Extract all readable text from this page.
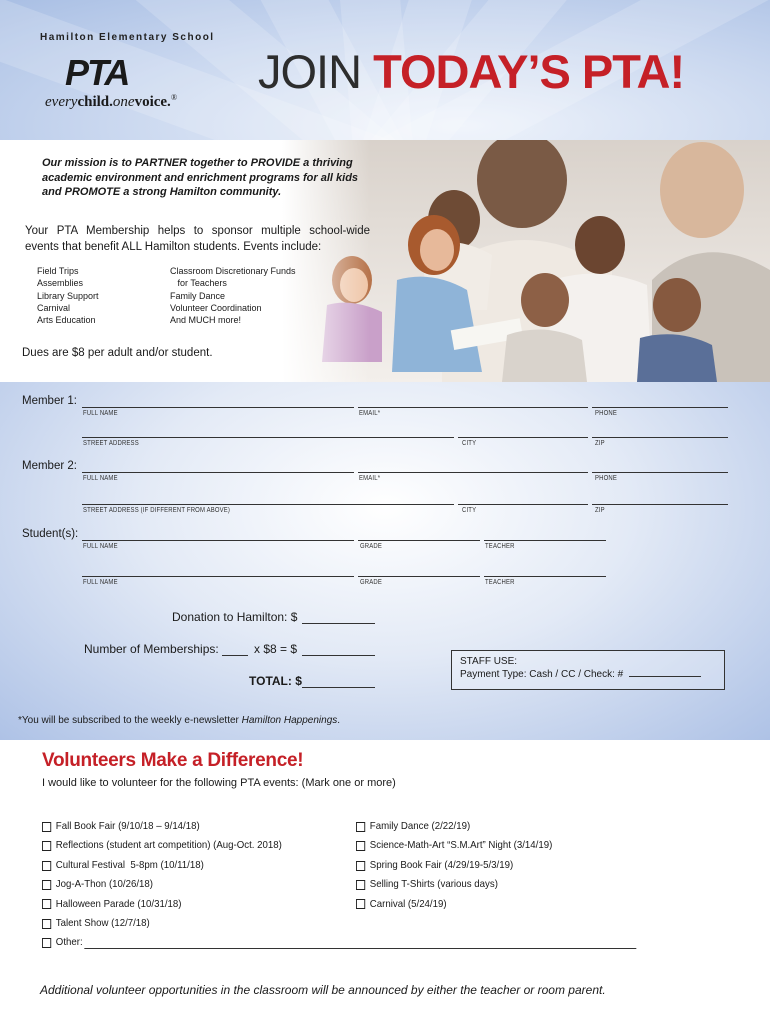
Hamilton Elementary School
PTA
everychild.onevoice.® JOIN TODAY’S PTA!
Our mission is to PARTNER together to PROVIDE a thriving academic environment and enrichment programs for all kids and PROMOTE a strong Hamilton community.
Your PTA Membership helps to sponsor multiple school-wide events that benefit ALL Hamilton students. Events include:
Field Trips
Assemblies
Library Support
Carnival
Arts Education
Classroom Discretionary Funds
for Teachers
Family Dance
Volunteer Coordination
And MUCH more!
Dues are $8 per adult and/or student.
Member 1:
FULL NAME	EMAIL*	PHONE
STREET ADDRESS	CITY	ZIP
Member 2:
FULL NAME	EMAIL*	PHONE
STREET ADDRESS (IF DIFFERENT FROM ABOVE)	CITY	ZIP
Student(s):
FULL NAME	GRADE	TEACHER
FULL NAME	GRADE	TEACHER
Donation to Hamilton: $
Number of Memberships:	x $8 = $
TOTAL: $
STAFF USE:
Payment Type: Cash / CC / Check: #
*You will be subscribed to the weekly e-newsletter Hamilton Happenings.
Volunteers Make a Difference!
I would like to volunteer for the following PTA events: (Mark one or more)
Fall Book Fair (9/10/18 – 9/14/18)
Reflections (student art competition) (Aug-Oct. 2018)
Cultural Festival  5-8pm (10/11/18)
Jog-A-Thon (10/26/18)
Halloween Parade (10/31/18)
Talent Show (12/7/18)
Other:
Family Dance (2/22/19)
Science-Math-Art “S.M.Art” Night (3/14/19)
Spring Book Fair (4/29/19-5/3/19)
Selling T-Shirts (various days)
Carnival (5/24/19)
Additional volunteer opportunities in the classroom will be announced by either the teacher or room parent.
